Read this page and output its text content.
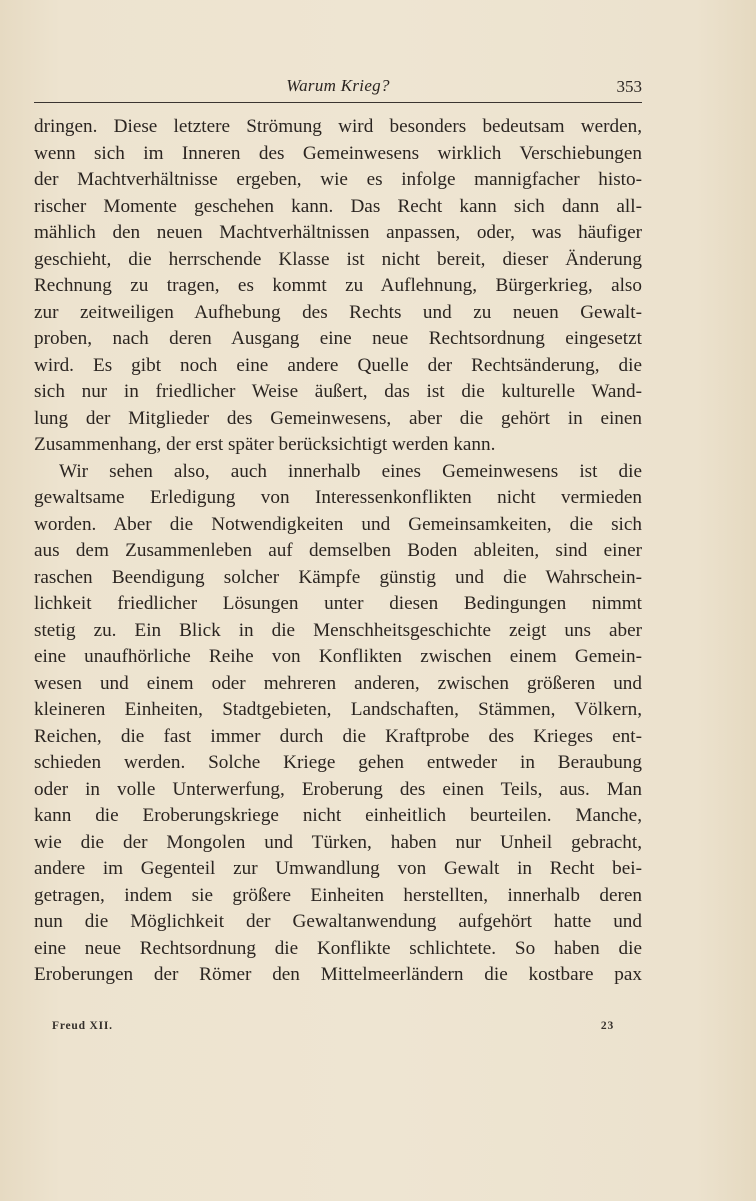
Warum Krieg?	353
dringen. Diese letztere Strömung wird besonders bedeutsam werden,
wenn sich im Inneren des Gemeinwesens wirklich Verschiebungen
der Machtverhältnisse ergeben, wie es infolge mannigfacher histo-
rischer Momente geschehen kann. Das Recht kann sich dann all-
mählich den neuen Machtverhältnissen anpassen, oder, was häufiger
geschieht, die herrschende Klasse ist nicht bereit, dieser Änderung
Rechnung zu tragen, es kommt zu Auflehnung, Bürgerkrieg, also
zur zeitweiligen Aufhebung des Rechts und zu neuen Gewalt-
proben, nach deren Ausgang eine neue Rechtsordnung eingesetzt
wird. Es gibt noch eine andere Quelle der Rechtsänderung, die
sich nur in friedlicher Weise äußert, das ist die kulturelle Wand-
lung der Mitglieder des Gemeinwesens, aber die gehört in einen
Zusammenhang, der erst später berücksichtigt werden kann.
Wir sehen also, auch innerhalb eines Gemeinwesens ist die
gewaltsame Erledigung von Interessenkonflikten nicht vermieden
worden. Aber die Notwendigkeiten und Gemeinsamkeiten, die sich
aus dem Zusammenleben auf demselben Boden ableiten, sind einer
raschen Beendigung solcher Kämpfe günstig und die Wahrschein-
lichkeit friedlicher Lösungen unter diesen Bedingungen nimmt
stetig zu. Ein Blick in die Menschheitsgeschichte zeigt uns aber
eine unaufhörliche Reihe von Konflikten zwischen einem Gemein-
wesen und einem oder mehreren anderen, zwischen größeren und
kleineren Einheiten, Stadtgebieten, Landschaften, Stämmen, Völkern,
Reichen, die fast immer durch die Kraftprobe des Krieges ent-
schieden werden. Solche Kriege gehen entweder in Beraubung
oder in volle Unterwerfung, Eroberung des einen Teils, aus. Man
kann die Eroberungskriege nicht einheitlich beurteilen. Manche,
wie die der Mongolen und Türken, haben nur Unheil gebracht,
andere im Gegenteil zur Umwandlung von Gewalt in Recht bei-
getragen, indem sie größere Einheiten herstellten, innerhalb deren
nun die Möglichkeit der Gewaltanwendung aufgehört hatte und
eine neue Rechtsordnung die Konflikte schlichtete. So haben die
Eroberungen der Römer den Mittelmeerländern die kostbare pax
Freud XII.	23
